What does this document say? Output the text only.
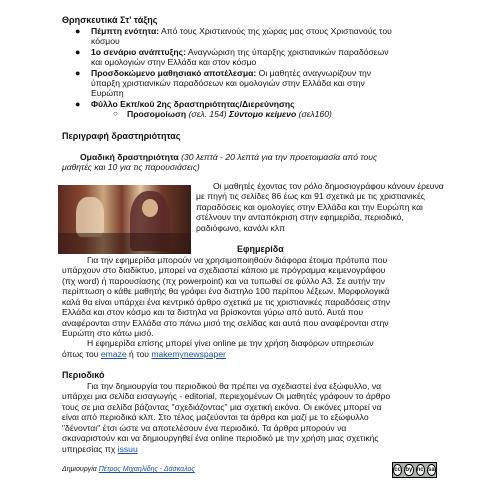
Θρησκευτικά Στ' τάξης
● Πέμπτη ενότητα: Από τους Χριστιανούς της χώρας μας στους Χριστιανούς του
κόσμου
● 1ο σενάριο ανάπτυξης: Αναγνώριση της ύπαρξης χριστιανικών παραδόσεων
και ομολογιών στην Ελλάδα και στον κόσμο
● Προσδοκώμενο μαθησιακό αποτέλεσμα: Οι μαθητές αναγνωρίζουν την
ύπαρξη χριστιανικών παραδόσεων και ομολογιών στην Ελλάδα και στην
Ευρώπη
● Φύλλο Εκπ/κού 2ης δραστηριότητας/Διερεύνησης
○ Προσομοίωση (σελ. 154) Σύντομο κείμενο (σελ160)
Περιγραφή δραστηριότητας
Ομαδική δραστηριότητα (30 λεπτά - 20 λεπτά για την προετοιμασία από τους
μαθητές και 10 για τις παρουσιάσεις)
Οι μαθητές έχοντας τον ρόλο δημοσιογράφου κάνουν έρευνα
με πηγή τις σελίδες 86 έως και 91 σχετικά με τις χριστιανικές
παραδόσεις και ομολογίες στην Ελλάδα και την Ευρώπη και
στέλνουν την ανταπόκριση στην εφημερίδα, περιοδικό,
ραδιόφωνο, κανάλι κλπ
Εφημερίδα
Για την εφημερίδα μπορούν να χρησιμοποιηθούν διάφορα έτοιμα πρότυπα που
υπάρχουν στο διαδίκτυο, μπορεί να σχεδιαστεί κάποιο με πρόγραμμα κειμενογράφου
(πχ word) ή παρουσίασης (πχ powerpoint) και να τυπωθεί σε φύλλο Α3. Σε αυτήν την
περίπτωση ο κάθε μαθητής θα γράφει ένα διστηλο 100 περίπου λέξεων. Μορφολογικά
καλά θα είναι υπάρχει ένα κεντρικό άρθρο σχετικά με τις χριστιανικές παραδόσεις στην
Ελλάδα και στον κόσμο και τα διστηλα να βρίσκονται γύρω από αυτό. Αυτά που
αναφέρονται στην Ελλάδα στο πάνω μισό της σελίδας και αυτά που αναφέρονται στην
Ευρώπη στο κάτω μισό.
Η εφημερίδα επίσης μπορεί γίνει online με την χρήση διαφόρων υπηρεσιών
όπως του emaze ή του makemynewspaper
Περιοδικό
Για την δημιουργία του περιοδικού θα πρέπει να σχεδιαστεί ένα εξώφυλλο, να
υπάρχει μια σελίδα εισαγωγής - editorial, περιεχομένων Οι μαθητές γράφουν το άρθρο
τους σε μια σελίδα βάζοντας "σχεδιάζοντας" μια σχετική εικόνα. Οι εικόνες μπορεί να
είναι από περιοδικά κλπ. Στο τέλος μαζεύονται τα άρθρα και μαζί με το εξώφυλλο
"δένονται" έτσι ώστε να αποτελέσουν ένα περιοδικό. Τα άρθρα μπορούν να
σκαναριστούν και να δημιουργηθεί ένα online περιοδικό με την χρήση μιας σχετικής
υπηρεσίας πχ issuu
Δημιουργία Πέτρος Μιχαηλίδης - Δάσκαλος	cc by nc sa
